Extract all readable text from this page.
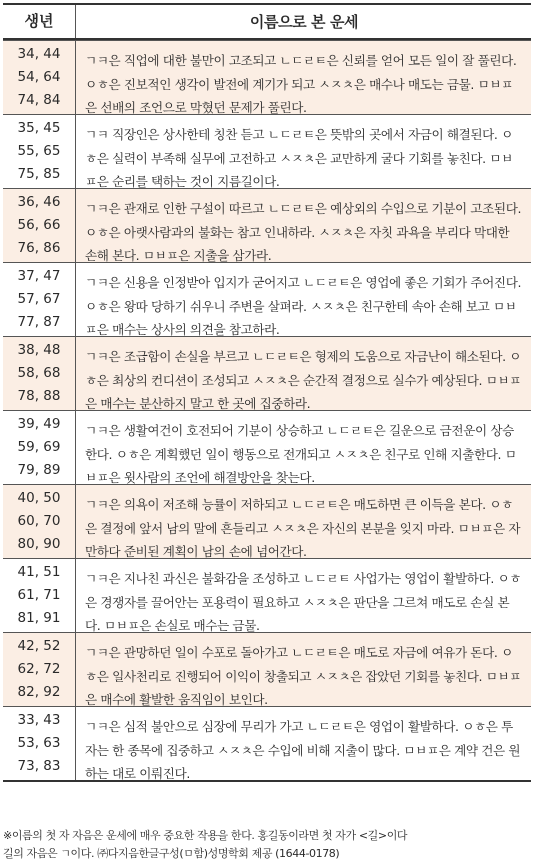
생년	이름으로 본 운세
34, 44
54, 64
74, 84
ㄱㅋ은 직업에 대한 불만이 고조되고 ㄴㄷㄹㅌ은 신뢰를 얻어 모든 일이 잘 풀린다. ㅇㅎ은 진보적인 생각이 발전에 계기가 되고 ㅅㅈㅊ은 매수나 매도는 금물. ㅁㅂㅍ은 선배의 조언으로 막혔던 문제가 풀린다.
35, 45
55, 65
75, 85
ㄱㅋ 직장인은 상사한테 칭찬 듣고 ㄴㄷㄹㅌ은 뜻밖의 곳에서 자금이 해결된다. ㅇㅎ은 실력이 부족해 실무에 고전하고 ㅅㅈㅊ은 교만하게 굴다 기회를 놓친다. ㅁㅂㅍ은 순리를 택하는 것이 지름길이다.
36, 46
56, 66
76, 86
ㄱㅋ은 관재로 인한 구설이 따르고 ㄴㄷㄹㅌ은 예상외의 수입으로 기분이 고조된다. ㅇㅎ은 아랫사람과의 불화는 참고 인내하라. ㅅㅈㅊ은 자칫 과욕을 부리다 막대한 손해 본다. ㅁㅂㅍ은 지출을 삼가라.
37, 47
57, 67
77, 87
ㄱㅋ은 신용을 인정받아 입지가 굳어지고 ㄴㄷㄹㅌ은 영업에 좋은 기회가 주어진다. ㅇㅎ은 왕따 당하기 쉬우니 주변을 살펴라. ㅅㅈㅊ은 친구한테 속아 손해 보고 ㅁㅂㅍ은 매수는 상사의 의견을 참고하라.
38, 48
58, 68
78, 88
ㄱㅋ은 조급함이 손실을 부르고 ㄴㄷㄹㅌ은 형제의 도움으로 자금난이 해소된다. ㅇㅎ은 최상의 컨디션이 조성되고 ㅅㅈㅊ은 순간적 결정으로 실수가 예상된다. ㅁㅂㅍ은 매수는 분산하지 말고 한 곳에 집중하라.
39, 49
59, 69
79, 89
ㄱㅋ은 생활여건이 호전되어 기분이 상승하고 ㄴㄷㄹㅌ은 길운으로 금전운이 상승한다. ㅇㅎ은 계획했던 일이 행동으로 전개되고 ㅅㅈㅊ은 친구로 인해 지출한다. ㅁㅂㅍ은 윗사람의 조언에 해결방안을 찾는다.
40, 50
60, 70
80, 90
ㄱㅋ은 의욕이 저조해 능률이 저하되고 ㄴㄷㄹㅌ은 매도하면 큰 이득을 본다. ㅇㅎ은 결정에 앞서 남의 말에 흔들리고 ㅅㅈㅊ은 자신의 본분을 잊지 마라. ㅁㅂㅍ은 자만하다 준비된 계획이 남의 손에 넘어간다.
41, 51
61, 71
81, 91
ㄱㅋ은 지나친 과신은 불화감을 조성하고 ㄴㄷㄹㅌ 사업가는 영업이 활발하다. ㅇㅎ은 경쟁자를 끌어안는 포용력이 필요하고 ㅅㅈㅊ은 판단을 그르쳐 매도로 손실 본다. ㅁㅂㅍ은 손실로 매수는 금물.
42, 52
62, 72
82, 92
ㄱㅋ은 관망하던 일이 수포로 돌아가고 ㄴㄷㄹㅌ은 매도로 자금에 여유가 돈다. ㅇㅎ은 일사천리로 진행되어 이익이 창출되고 ㅅㅈㅊ은 잡았던 기회를 놓친다. ㅁㅂㅍ은 매수에 활발한 움직임이 보인다.
33, 43
53, 63
73, 83
ㄱㅋ은 심적 불안으로 심장에 무리가 가고 ㄴㄷㄹㅌ은 영업이 활발하다. ㅇㅎ은 투자는 한 종목에 집중하고 ㅅㅈㅊ은 수입에 비해 지출이 많다. ㅁㅂㅍ은 계약 건은 원하는 대로 이뤄진다.
※이름의 첫 자 자음은 운세에 매우 중요한 작용을 한다. 홍길동이라면 첫 자가 <길>이다
길의 자음은 ㄱ이다. ㈜다지음한글구성(ㅁ함)성명학회 제공 (1644-0178)
